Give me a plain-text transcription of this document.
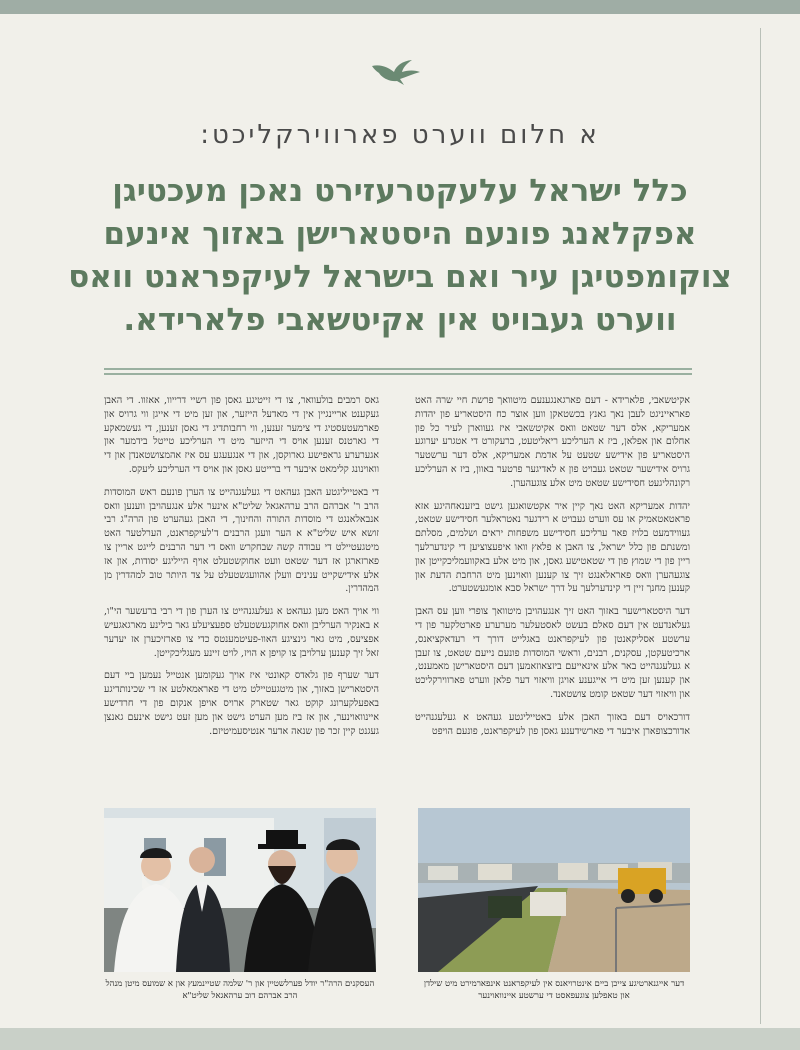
א חלום ווערט פארווירקליכט:
כלל ישראל עלעקטרעזירט נאכן מעכטיגן אפקלאנג פונעם היסטארישן באזוך אינעם צוקומפטיגן עיר ואם בישראל לעיקפראנט וואס ווערט געבויט אין אקיטשאבי פלארידא.

אקיטשאבי, פלארידא - דעם פארגאנגענעם מיטוואך פרשת חיי שרה האט פאראייניגט לעבן נאך גאנץ בכשטאקן ווען אוצר כח היסטאריע פון יהדות אמעריקא, אלס דער שטאט וואס אקיטשאבי איז געווארן לעיר כל פון אחלום און אפלאן, ביז א הערליכע ריאליטעט, ברעקורט די אטגרע יערוגע היסטאריע פון אידישע שטעט על אדמת אמעריקא, אלס דער ערשטער גרויס אידישער שטאט געבויט פון א לאדיגער פרטער באוון, ביז א הערליכע רקונהליגעט חסידישע שטאט מיט אלע צוגעהערן.

יהדות אמעריקא האט נאך קיין איר אקטשואגען גישט ביזענאחהיגע אזא פראטאטאמיק או עס ווערט געבויט א רידגער נאטראלער חסידישע שטאט, געווידמעט בלויז פאר ערליכע חסידישע משפחות יראים ושלמים, מסלתם ומשנתם פון כלל ישראל, צו האבן א פלאץ וואו איפעצוציען די קינדערלעך ריין פון די שמוץ פון די שטאטישע גאסן, און מיט אלע באקוועמליכקייטן און צוגעהערן וואס פאראלאנגט זיך צו קענען וואוינען מיט הרחבת הדעת און קענען מחנך זיין די קינדערלעך על דרך ישראל סבא אומגעשטערט.

דער היסטארישער באזוך האט זיך אנגעהויבן מיטוואך צופרי ווען עס האבן געלאנדעט אין דעם סאלם בעשט לאסטעלער מערערע פארטלקער פון די ערשטע אסליקאנטן פון לעיקפראנט באגלייט דורך די רעדאקציאנס, ארכיטעקטן, עסקנים, רבנים, וראשי המוסדות פונעם נייעם שטאט, צו זעבן א געלעגנהייט באר אלע אינאייעם ביזצאוזאמען דעם היסטארישן מאמענט, און קענען זען מיט די אייגענע אויגן וויאזוי דער פלאן ווערט פארווירקליכט און וויאזוי דער שטאט קומט צושטאנד.

דורכאויס דעם באזוך האבן אלע באטייליגטע געהאט א געלעגנהייט אדורכצופארן איבער די פארשידענע גאסן פון לעיקפראנט, פונעם הויפט

גאס רמבים בולעוואר, צו די זייטיגע גאסן פון רשיי דרייוו, אאזוו. די האבן געקענט אריינגיין אין די מאדעל הייזער, און זען מיט די אייגן ווי גרויס און פארמעטעסטיג די צימער זענען, ווי רחבותדיג די גאסן זענען, די געשמאקע די גארטנס זענען אויס די הייזער מיט די הערליכע טייטל בידמער און אגערערע גראפישע גארוקסן, און די אנגעעגע עס איז אהמצושטאנדן און די וואוינונג קלימאט איבער די ברייטע גאסן און אויס די הערליכע ליעקס.

די באטייליגטע האבן געהאט די געלעגנהייט צו הערן פונעם ראש המוסדות הרב ר' אברהם הרב ערהאגאל שליט"א אינער אלע אנגעהויבן ווענען וואס אנבאלאנגט די מוסדות התורה והחינוך, די האבן געהערט פון הרה"ג רבי זושא איש שליט"א א הער וועגן הרבנים ד'לעיקפראנט, הערלטער האט מיטגעטיילט די עבודה קשה שבחקרש וואס די דער הרבנים לייגט אריין צו פארזארגן אז דער שטאט וועט אחוקשטעלט אויף הייליגע יסודות, און אז אלע אידישקייט ענינים וועלן אהוועגשטעלט על צד היותר טוב למהדרין מן המהדרין.

ווי אויך האט מען געהאט א געלעגנהייט צו הערן פון די רבי ברעשער הי"ו, א באנקיר הערליבן וואס אחוקגעשטעלט ספעציעלע גאר בילינע מארגאגעיש אפציעס, מיט גאר גינציגע האוו-פעיטמענטס כדי צו פארזיכערן אז יעדער זאל זיך קענען ערלויבן צו קויפן א הויז, לויט זיינע מעגליכקייטן.

דער שערף פון גלאדס קאונטי איז אויך געקומען אנטייל נעמען ביי דעם היסטארישן באזוך, און מיטגעטיילט מיט די פאראמאלטע אז די שכינותדיגע באפעלקערונג קוקט גאר שטארק ארויס אויפן אנקום פון די חרדישע איינוואוינער, און אז ביז מען הערט גישט און מען זעט גישט אינעם גאנצן געגנט קיין זכר פון שנאה אדער אנטיסעמיטיזם.

העסקנים הרה"ר יודל פערלשטיין און ר' שלמה שטיינמעץ און א שמועס מיטן מנהל הרב אברהם דוב ערהאגאל שליט"א
דער אייגנארטיגע צייכן ביים אינטרויאנס אין לעיקפראנט אינפארמירט מיט שילדן און טאפלען צוגעפאסט די ערשטע איינוואוינער
